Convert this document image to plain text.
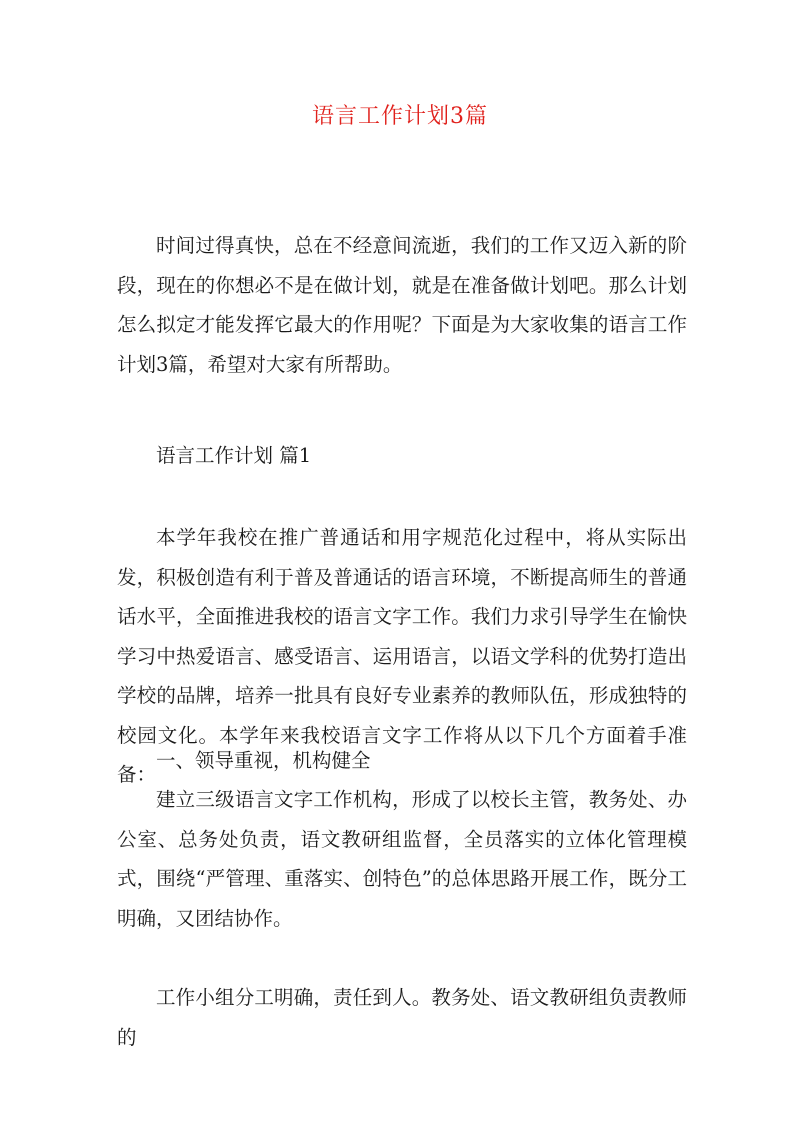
语言工作计划3篇

时间过得真快，总在不经意间流逝，我们的工作又迈入新的阶段，现在的你想必不是在做计划，就是在准备做计划吧。那么计划怎么拟定才能发挥它最大的作用呢？下面是为大家收集的语言工作计划3篇，希望对大家有所帮助。

语言工作计划 篇1

本学年我校在推广普通话和用字规范化过程中，将从实际出发，积极创造有利于普及普通话的语言环境，不断提高师生的普通话水平，全面推进我校的语言文字工作。我们力求引导学生在愉快学习中热爱语言、感受语言、运用语言，以语文学科的优势打造出学校的品牌，培养一批具有良好专业素养的教师队伍，形成独特的校园文化。本学年来我校语言文字工作将从以下几个方面着手准备：

一、领导重视，机构健全

建立三级语言文字工作机构，形成了以校长主管，教务处、办公室、总务处负责，语文教研组监督，全员落实的立体化管理模式，围绕“严管理、重落实、创特色”的总体思路开展工作，既分工明确，又团结协作。

工作小组分工明确，责任到人。教务处、语文教研组负责教师的
